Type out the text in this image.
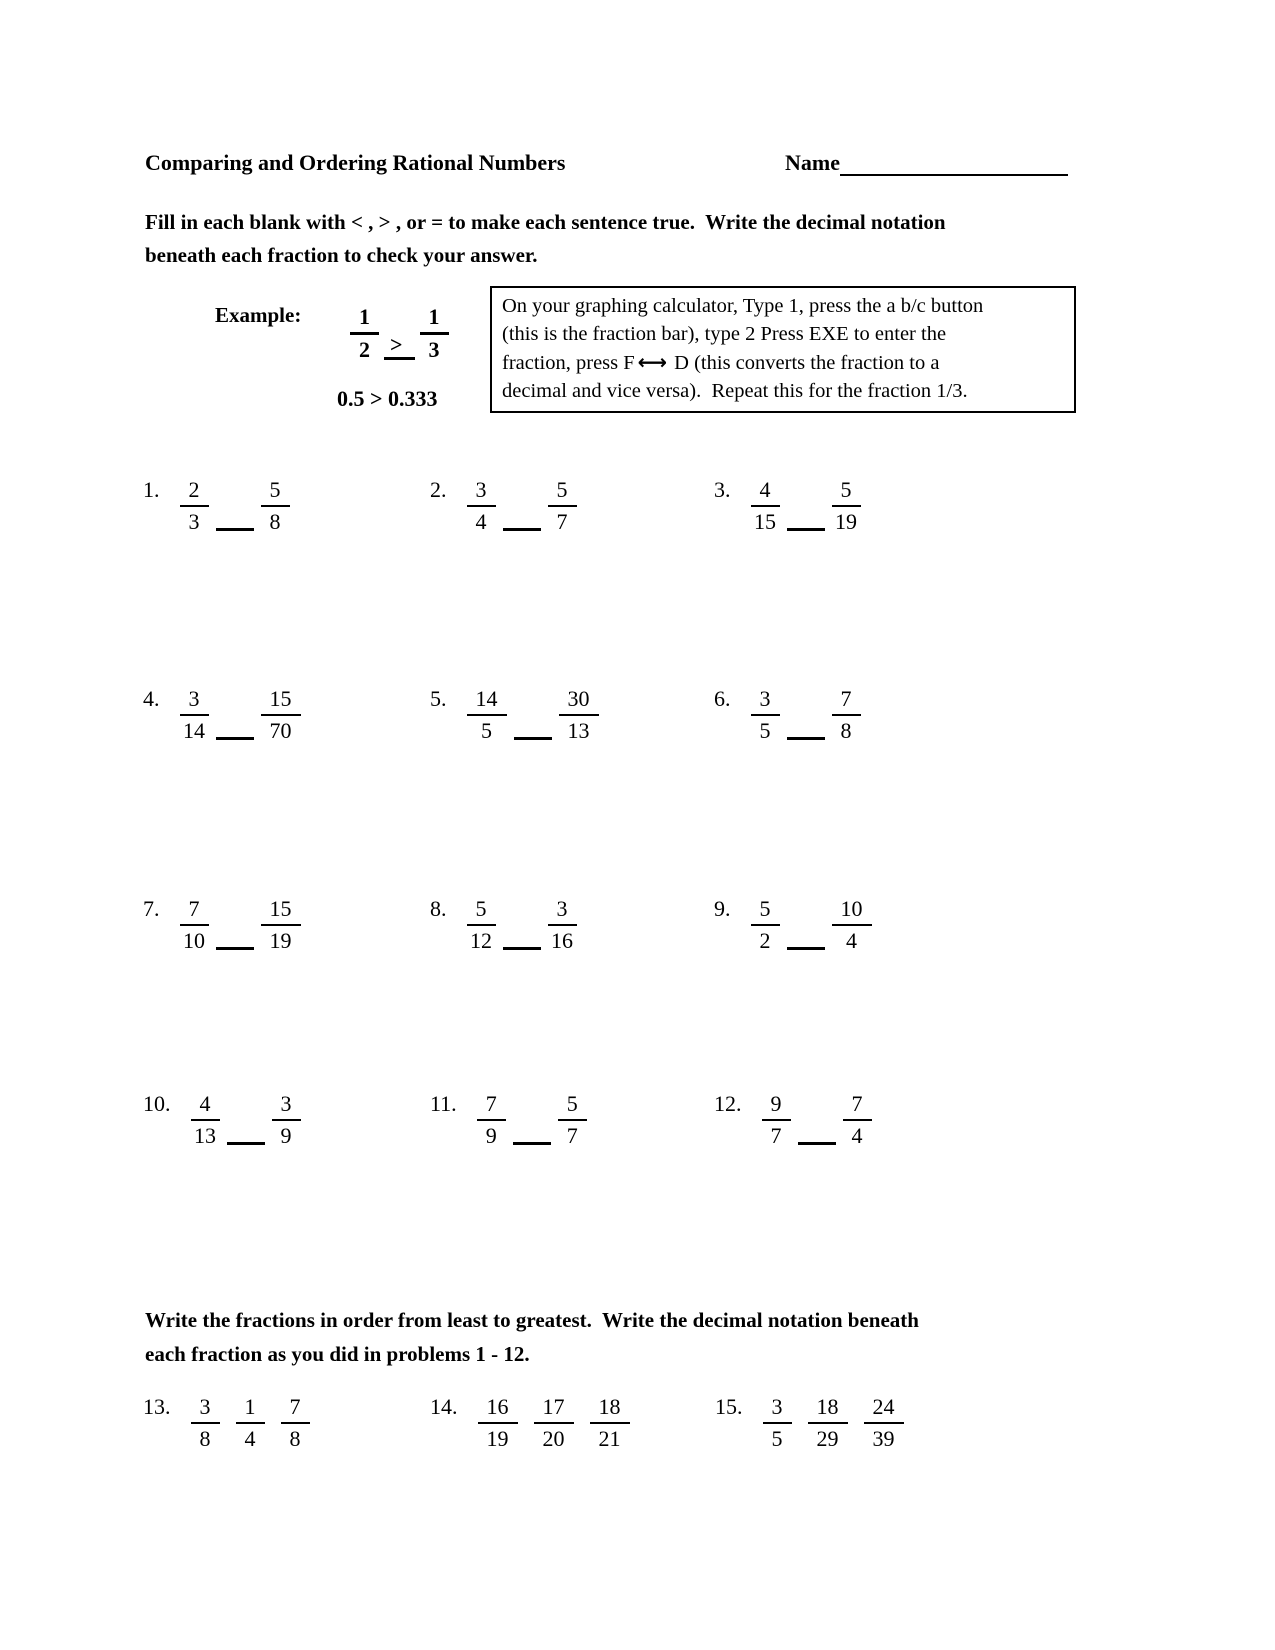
Comparing and Ordering Rational Numbers	Name
Fill in each blank with < , > , or = to make each sentence true.  Write the decimal notation
beneath each fraction to check your answer.
Example: $\frac{1}{2} > \frac{1}{3}$
0.5 > 0.333
On your graphing calculator, Type 1, press the a b/c button
(this is the fraction bar), type 2 Press EXE to enter the
fraction, press F ⟷ D (this converts the fraction to a
decimal and vice versa).  Repeat this for the fraction 1/3.
1. $\frac{2}{3} \frac{5}{8}$	2. $\frac{3}{4} \frac{5}{7}$	3. $\frac{4}{15} \frac{5}{19}$
4. $\frac{3}{14} \frac{15}{70}$	5. $\frac{14}{5} \frac{30}{13}$	6. $\frac{3}{5} \frac{7}{8}$
7. $\frac{7}{10} \frac{15}{19}$	8. $\frac{5}{12} \frac{3}{16}$	9. $\frac{5}{2} \frac{10}{4}$
10. $\frac{4}{13} \frac{3}{9}$	11. $\frac{7}{9} \frac{5}{7}$	12. $\frac{9}{7} \frac{7}{4}$
Write the fractions in order from least to greatest.  Write the decimal notation beneath
each fraction as you did in problems 1 - 12.
13. $\frac{3}{8} \frac{1}{4} \frac{7}{8}$	14. $\frac{16}{19} \frac{17}{20} \frac{18}{21}$	15. $\frac{3}{5} \frac{18}{29} \frac{24}{39}$
